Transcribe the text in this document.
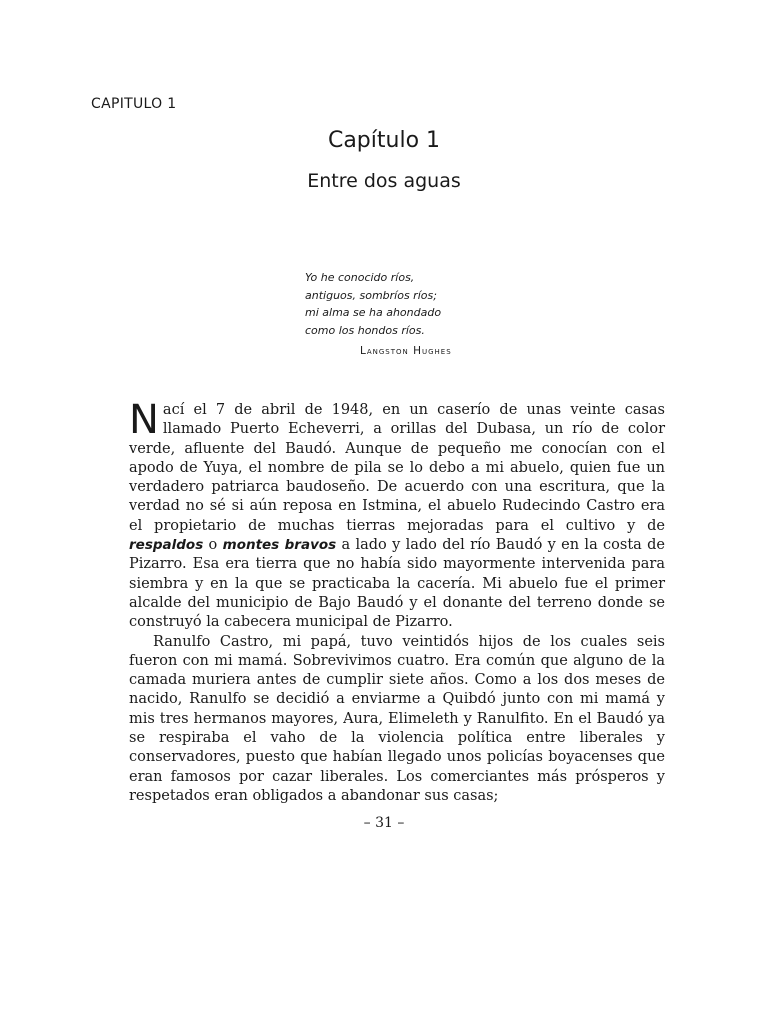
CAPITULO 1
Capítulo 1
Entre dos aguas
Yo he conocido ríos,
antiguos, sombríos ríos;
mi alma se ha ahondado
como los hondos ríos.
Langston Hughes

Nací el 7 de abril de 1948, en un caserío de unas veinte casas llamado Puerto Echeverri, a orillas del Dubasa, un río de color verde, afluente del Baudó. Aunque de pequeño me conocían con el apodo de Yuya, el nombre de pila se lo debo a mi abuelo, quien fue un verdadero patriarca baudoseño. De acuerdo con una escritura, que la verdad no sé si aún reposa en Istmina, el abuelo Rudecindo Castro era el propietario de muchas tierras mejoradas para el cultivo y de respaldos o montes bravos a lado y lado del río Baudó y en la costa de Pizarro. Esa era tierra que no había sido mayormente intervenida para siembra y en la que se practicaba la cacería. Mi abuelo fue el primer alcalde del municipio de Bajo Baudó y el donante del terreno donde se construyó la cabecera municipal de Pizarro.

Ranulfo Castro, mi papá, tuvo veintidós hijos de los cuales seis fueron con mi mamá. Sobrevivimos cuatro. Era común que alguno de la camada muriera antes de cumplir siete años. Como a los dos meses de nacido, Ranulfo se decidió a enviarme a Quibdó junto con mi mamá y mis tres hermanos mayores, Aura, Elimeleth y Ranulfito. En el Baudó ya se respiraba el vaho de la violencia política entre liberales y conservadores, puesto que habían llegado unos policías boyacenses que eran famosos por cazar liberales. Los comerciantes más prósperos y respetados eran obligados a abandonar sus casas;

– 31 –
